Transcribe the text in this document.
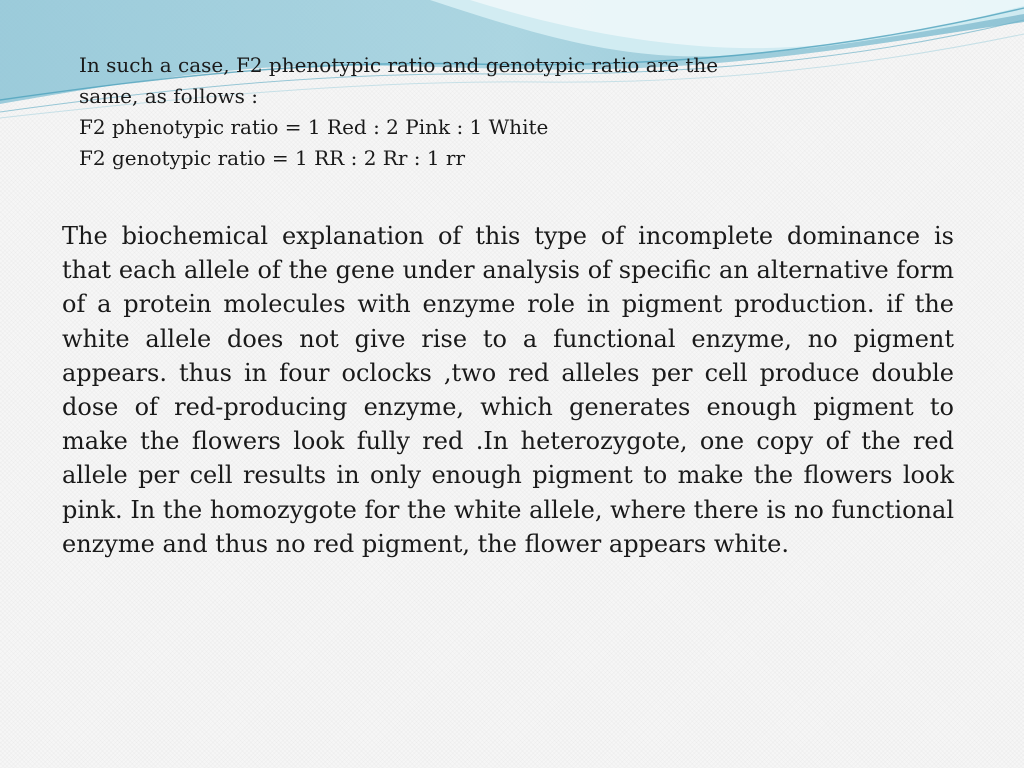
In such a case, F2 phenotypic ratio and genotypic ratio are the
same, as follows :
F2 phenotypic ratio = 1 Red : 2 Pink : 1 White
F2 genotypic ratio = 1 RR : 2 Rr : 1 rr

The biochemical explanation of this type of incomplete dominance is that each allele of the gene under analysis of specific an alternative form of a protein molecules with enzyme role in pigment production. if the white allele does not give rise to a functional enzyme, no pigment appears. thus in four oclocks ,two red alleles per cell produce double dose of red-producing enzyme, which generates enough pigment to make the flowers look fully red .In heterozygote, one copy of the red allele per cell results in only enough pigment to make the flowers look pink. In the homozygote for the white allele, where there is no functional enzyme and thus no red pigment, the flower appears white.
